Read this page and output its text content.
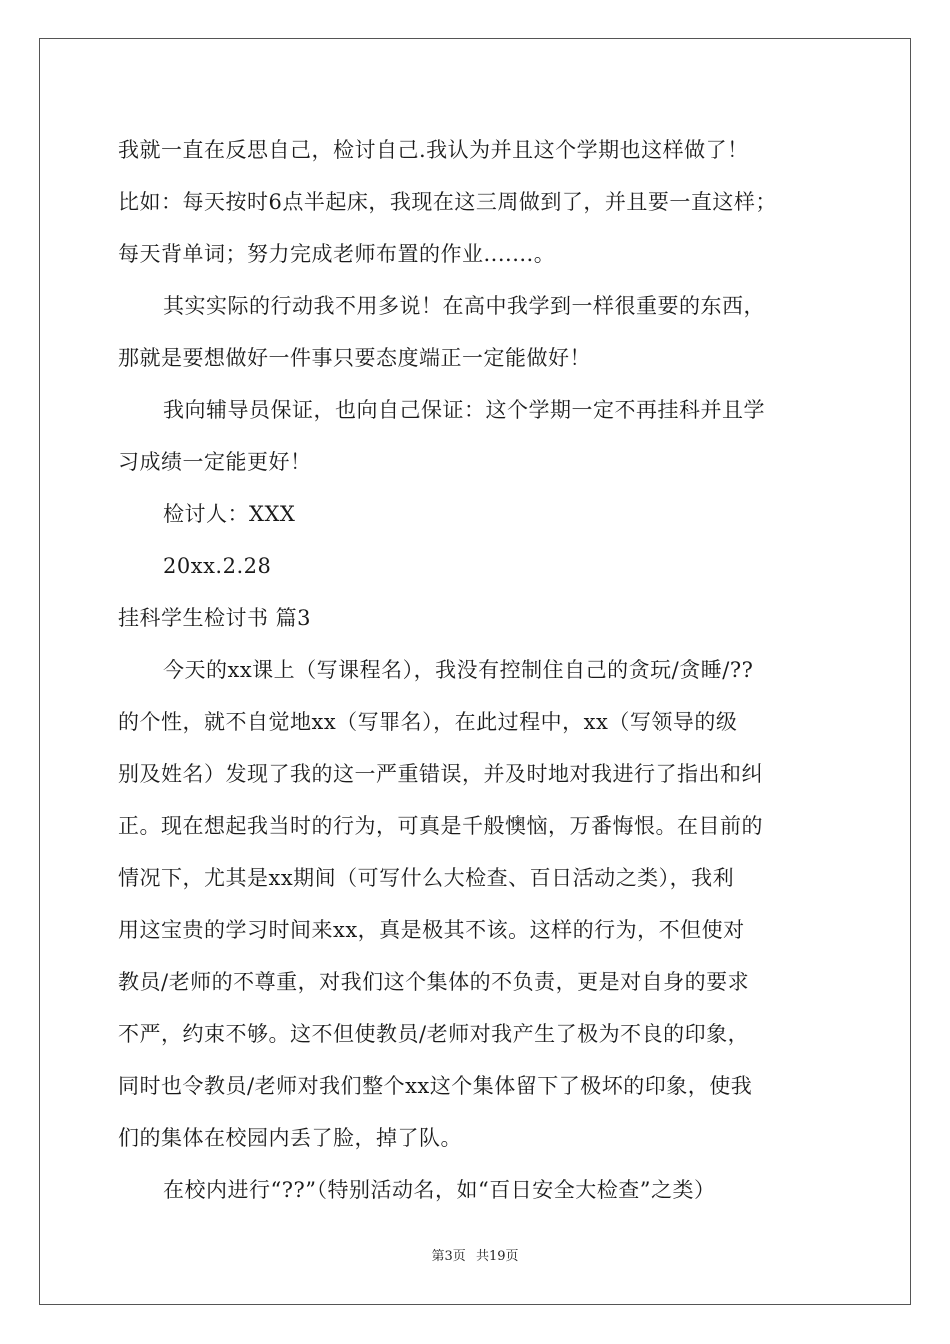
我就一直在反思自己，检讨自己.我认为并且这个学期也这样做了！
比如：每天按时6点半起床，我现在这三周做到了，并且要一直这样；
每天背单词；努力完成老师布置的作业.......。
其实实际的行动我不用多说！在高中我学到一样很重要的东西，
那就是要想做好一件事只要态度端正一定能做好！
我向辅导员保证，也向自己保证：这个学期一定不再挂科并且学
习成绩一定能更好！
检讨人：XXX
20xx.2.28
挂科学生检讨书 篇3
今天的xx课上（写课程名），我没有控制住自己的贪玩/贪睡/??
的个性，就不自觉地xx（写罪名），在此过程中，xx（写领导的级
别及姓名）发现了我的这一严重错误，并及时地对我进行了指出和纠
正。现在想起我当时的行为，可真是千般懊恼，万番悔恨。在目前的
情况下，尤其是xx期间（可写什么大检查、百日活动之类），我利
用这宝贵的学习时间来xx，真是极其不该。这样的行为，不但使对
教员/老师的不尊重，对我们这个集体的不负责，更是对自身的要求
不严，约束不够。这不但使教员/老师对我产生了极为不良的印象，
同时也令教员/老师对我们整个xx这个集体留下了极坏的印象，使我
们的集体在校园内丢了脸，掉了队。
在校内进行“??”（特别活动名，如“百日安全大检查”之类）
第3页 共19页
